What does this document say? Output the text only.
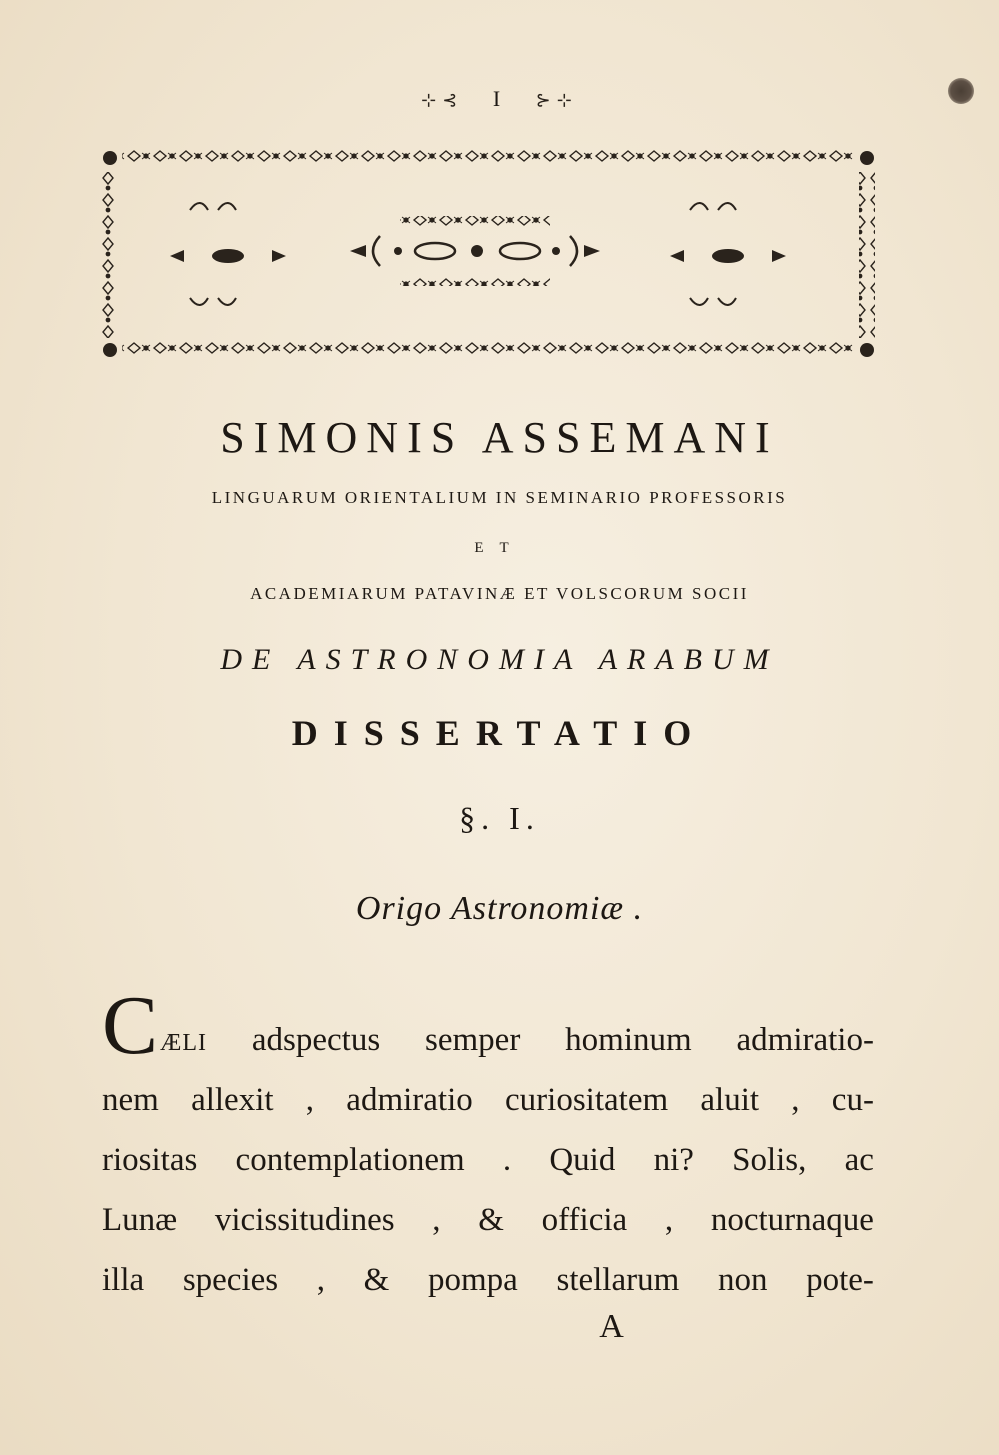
⊹⊰ I ⊱⊹
SIMONIS ASSEMANI
LINGUARUM ORIENTALIUM IN SEMINARIO PROFESSORIS
ET
ACADEMIARUM PATAVINÆ ET VOLSCORUM SOCII
DE ASTRONOMIA ARABUM
DISSERTATIO
§. I.
Origo Astronomiæ .
CÆLI adspectus semper hominum admiratio-
nem allexit , admiratio curiositatem aluit , cu-
riositas contemplationem . Quid ni? Solis, ac
Lunæ vicissitudines , & officia , nocturnaque
illa species , & pompa stellarum non pote-
A
